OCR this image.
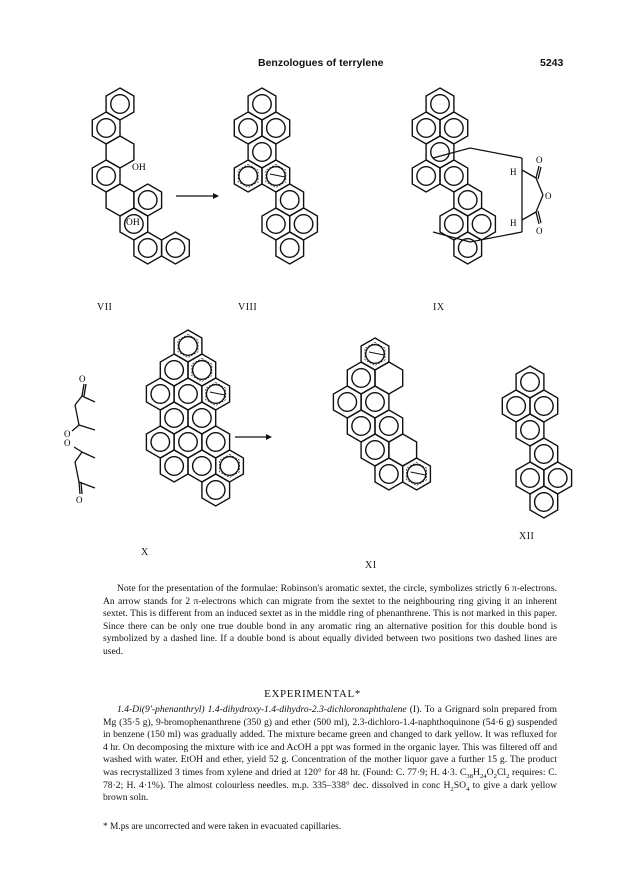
Benzologues of terrylene	5243
H
H
O
O
O
OH
OH
O
O
O
O
VII	VIII	IX
X
XI
XII

Note for the presentation of the formulae: Robinson's aromatic sextet, the circle, symbolizes strictly 6 π-electrons. An arrow stands for 2 π-electrons which can migrate from the sextet to the neighbouring ring giving it an inherent sextet. This is different from an induced sextet as in the middle ring of phenanthrene. This is not marked in this paper. Since there can be only one true double bond in any aromatic ring an alternative position for this double bond is symbolized by a dashed line. If a double bond is about equally divided between two positions two dashed lines are used.

EXPERIMENTAL*

1.4-Di(9'-phenanthryl) 1.4-dihydroxy-1.4-dihydro-2.3-dichloronaphthalene (I). To a Grignard soln prepared from Mg (35·5 g), 9-bromophenanthrene (350 g) and ether (500 ml), 2.3-dichloro-1.4-naphthoquinone (54·6 g) suspended in benzene (150 ml) was gradually added. The mixture became green and changed to dark yellow. It was refluxed for 4 hr. On decomposing the mixture with ice and AcOH a ppt was formed in the organic layer. This was filtered off and washed with water. EtOH and ether, yield 52 g. Concentration of the mother liquor gave a further 15 g. The product was recrystallized 3 times from xylene and dried at 120° for 48 hr. (Found: C. 77·9; H. 4·3. $C_{38}H_{24}O_2Cl_2$ requires: C. 78·2; H. 4·1%). The almost colourless needles. m.p. 335–338° dec. dissolved in conc $H_2SO_4$ to give a dark yellow brown soln.

* M.ps are uncorrected and were taken in evacuated capillaries.
